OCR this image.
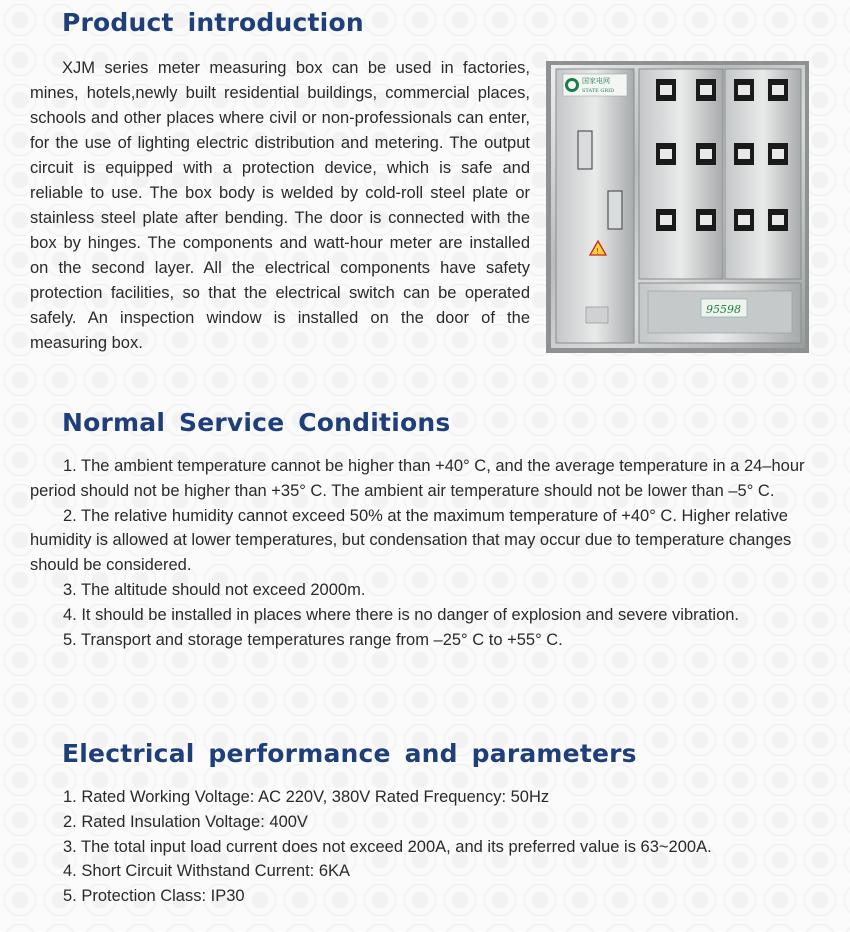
Product introduction

XJM series meter measuring box can be used in factories, mines, hotels,newly built residential buildings, commercial places, schools and other places where civil or non-professionals can enter, for the use of lighting electric distribution and metering. The output circuit is equipped with a protection device, which is safe and reliable to use. The box body is welded by cold-roll steel plate or stainless steel plate after bending. The door is connected with the box by hinges. The components and watt-hour meter are installed on the second layer. All the electrical components have safety protection facilities, so that the electrical switch can be operated safely. An inspection window is installed on the door of the measuring box.

国家电网
STATE GRID
!
95598
Normal Service Conditions

1. The ambient temperature cannot be higher than +40° C, and the average temperature in a 24–hour period should not be higher than +35° C. The ambient air temperature should not be lower than –5° C.

2. The relative humidity cannot exceed 50% at the maximum temperature of +40° C. Higher relative humidity is allowed at lower temperatures, but condensation that may occur due to temperature changes should be considered.

3. The altitude should not exceed 2000m.

4. It should be installed in places where there is no danger of explosion and severe vibration.

5. Transport and storage temperatures range from –25° C to +55° C.

Electrical performance and parameters

1. Rated Working Voltage: AC 220V, 380V Rated Frequency: 50Hz

2. Rated Insulation Voltage: 400V

3. The total input load current does not exceed 200A, and its preferred value is 63~200A.

4. Short Circuit Withstand Current: 6KA

5. Protection Class: IP30
